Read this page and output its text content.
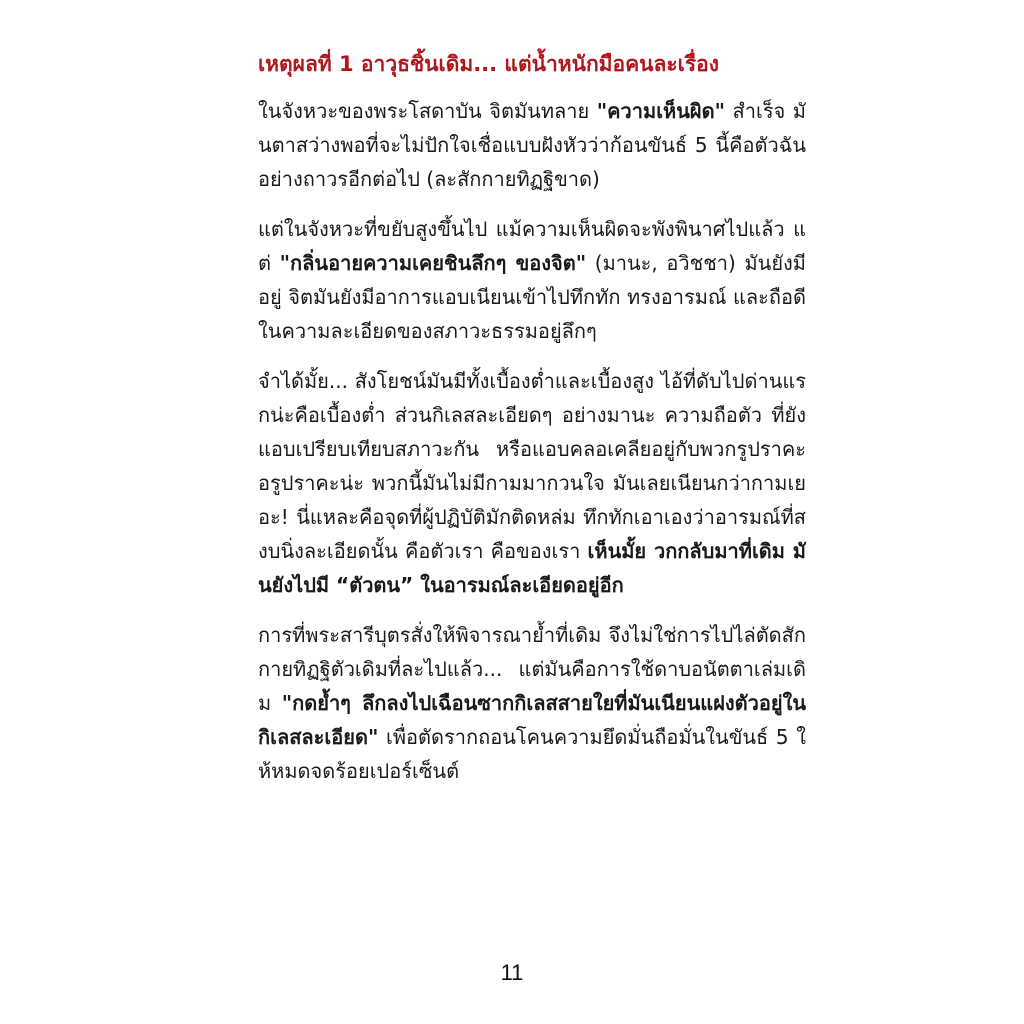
เหตุผลที่ 1 อาวุธชิ้นเดิม... แต่น้ำหนักมือคนละเรื่อง
ในจังหวะของพระโสดาบัน จิตมันทลาย "ความเห็นผิด" สำเร็จ มันตาสว่างพอที่จะไม่ปักใจเชื่อแบบฝังหัวว่าก้อนขันธ์ 5 นี้คือตัวฉันอย่างถาวรอีกต่อไป (ละสักกายทิฏฐิขาด)
แต่ในจังหวะที่ขยับสูงขึ้นไป แม้ความเห็นผิดจะพังพินาศไปแล้ว แต่ "กลิ่นอายความเคยชินลึกๆ ของจิต" (มานะ, อวิชชา) มันยังมีอยู่ จิตมันยังมีอาการแอบเนียนเข้าไปทึกทัก ทรงอารมณ์ และถือดีในความละเอียดของสภาวะธรรมอยู่ลึกๆ
จำได้มั้ย... สังโยชน์มันมีทั้งเบื้องต่ำและเบื้องสูง ไอ้ที่ดับไปด่านแรกน่ะคือเบื้องต่ำ ส่วนกิเลสละเอียดๆ อย่างมานะ ความถือตัว ที่ยังแอบเปรียบเทียบสภาวะกัน หรือแอบคลอเคลียอยู่กับพวกรูปราคะ อรูปราคะน่ะ พวกนี้มันไม่มีกามมากวนใจ มันเลยเนียนกว่ากามเยอะ! นี่แหละคือจุดที่ผู้ปฏิบัติมักติดหล่ม ทึกทักเอาเองว่าอารมณ์ที่สงบนิ่งละเอียดนั้น คือตัวเรา คือของเรา เห็นมั้ย วกกลับมาที่เดิม มันยังไปมี “ตัวตน” ในอารมณ์ละเอียดอยู่อีก
การที่พระสารีบุตรสั่งให้พิจารณาย้ำที่เดิม จึงไม่ใช่การไปไล่ตัดสักกายทิฏฐิตัวเดิมที่ละไปแล้ว... แต่มันคือการใช้ดาบอนัตตาเล่มเดิม "กดย้ำๆ ลึกลงไปเฉือนซากกิเลสสายใยที่มันเนียนแฝงตัวอยู่ในกิเลสละเอียด" เพื่อตัดรากถอนโคนความยึดมั่นถือมั่นในขันธ์ 5 ให้หมดจดร้อยเปอร์เซ็นต์
11
